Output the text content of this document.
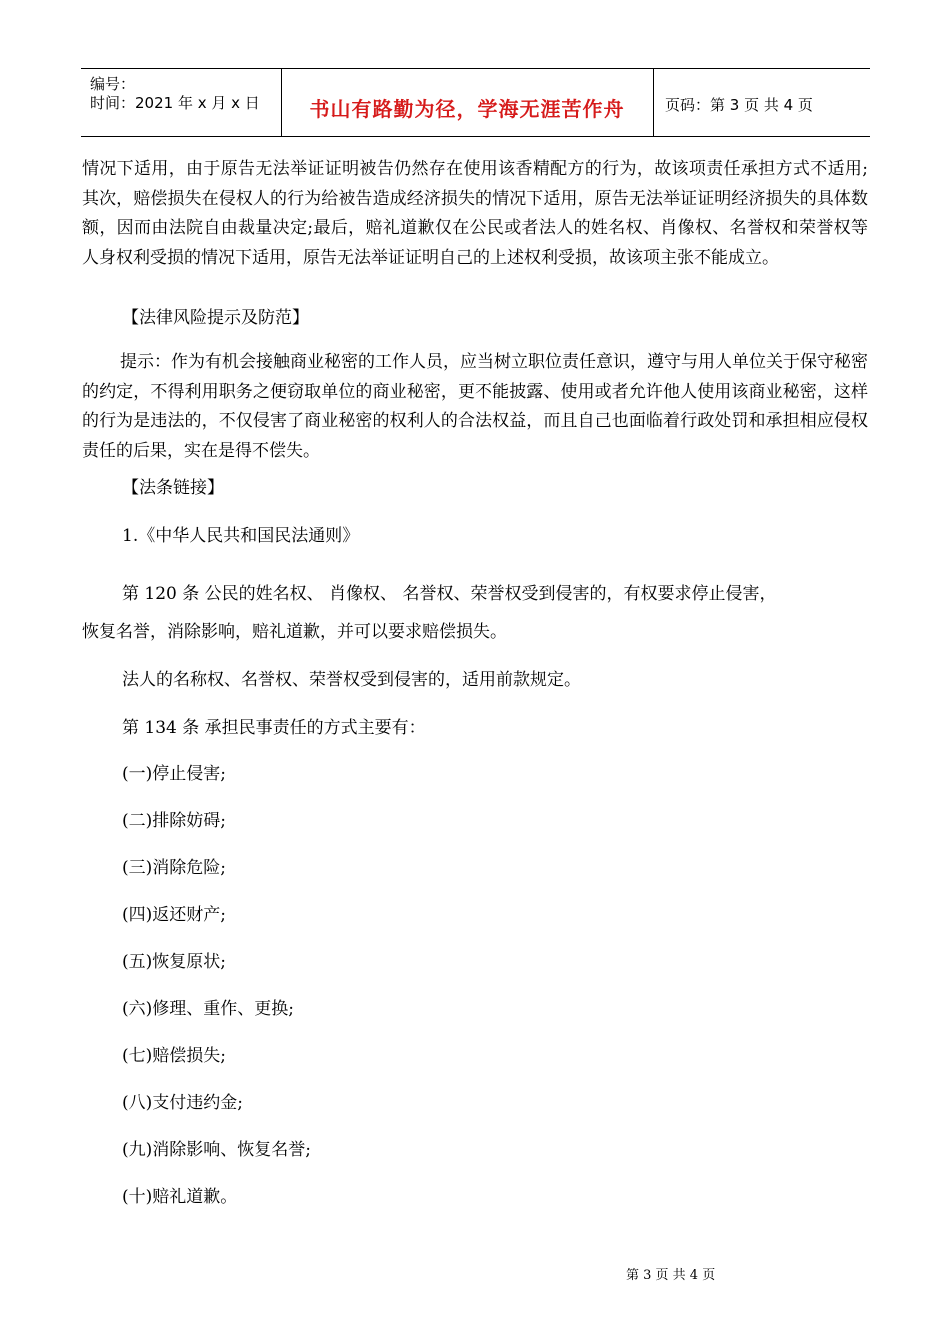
编号：
时间：2021 年 x 月 x 日	书山有路勤为径，学海无涯苦作舟	页码：第 3 页 共 4 页

情况下适用，由于原告无法举证证明被告仍然存在使用该香精配方的行为，故该项责任承担方式不适用;其次，赔偿损失在侵权人的行为给被告造成经济损失的情况下适用，原告无法举证证明经济损失的具体数额，因而由法院自由裁量决定;最后，赔礼道歉仅在公民或者法人的姓名权、肖像权、名誉权和荣誉权等人身权利受损的情况下适用，原告无法举证证明自己的上述权利受损，故该项主张不能成立。

【法律风险提示及防范】

提示：作为有机会接触商业秘密的工作人员，应当树立职位责任意识，遵守与用人单位关于保守秘密的约定，不得利用职务之便窃取单位的商业秘密，更不能披露、使用或者允许他人使用该商业秘密，这样的行为是违法的，不仅侵害了商业秘密的权利人的合法权益，而且自己也面临着行政处罚和承担相应侵权责任的后果，实在是得不偿失。

【法条链接】

1.《中华人民共和国民法通则》

第 120 条 公民的姓名权、 肖像权、 名誉权、荣誉权受到侵害的，有权要求停止侵害，

恢复名誉，消除影响，赔礼道歉，并可以要求赔偿损失。

法人的名称权、名誉权、荣誉权受到侵害的，适用前款规定。

第 134 条 承担民事责任的方式主要有：

(一)停止侵害;

(二)排除妨碍;

(三)消除危险;

(四)返还财产;

(五)恢复原状;

(六)修理、重作、更换;

(七)赔偿损失;

(八)支付违约金;

(九)消除影响、恢复名誉;

(十)赔礼道歉。

第 3 页 共 4 页
